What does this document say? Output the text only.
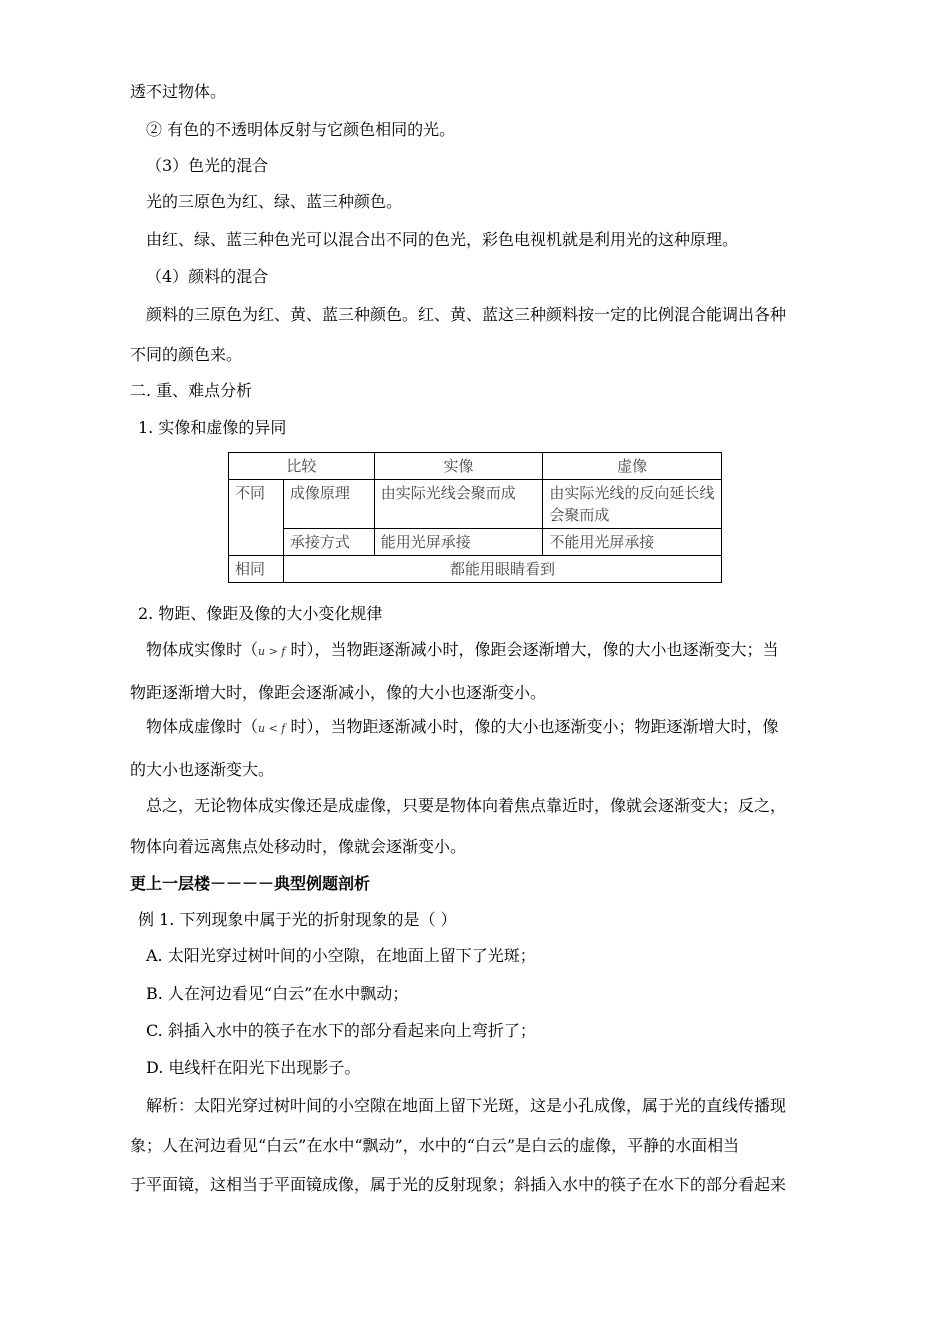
透不过物体。
② 有色的不透明体反射与它颜色相同的光。
（3）色光的混合
光的三原色为红、绿、蓝三种颜色。
由红、绿、蓝三种色光可以混合出不同的色光，彩色电视机就是利用光的这种原理。
（4）颜料的混合
颜料的三原色为红、黄、蓝三种颜色。红、黄、蓝这三种颜料按一定的比例混合能调出各种
不同的颜色来。
二. 重、难点分析
1. 实像和虚像的异同
比较		实像	虚像
不同	成像原理	由实际光线会聚而成	由实际光线的反向延长线会聚而成
	承接方式	能用光屏承接	不能用光屏承接
相同	都能用眼睛看到		
2. 物距、像距及像的大小变化规律
物体成实像时（u > f 时），当物距逐渐减小时，像距会逐渐增大，像的大小也逐渐变大；当
物距逐渐增大时，像距会逐渐减小，像的大小也逐渐变小。
物体成虚像时（u < f 时），当物距逐渐减小时，像的大小也逐渐变小；物距逐渐增大时，像
的大小也逐渐变大。
总之，无论物体成实像还是成虚像，只要是物体向着焦点靠近时，像就会逐渐变大；反之，
物体向着远离焦点处移动时，像就会逐渐变小。
更上一层楼－－－－典型例题剖析
例 1. 下列现象中属于光的折射现象的是（ ）
A. 太阳光穿过树叶间的小空隙，在地面上留下了光斑；
B. 人在河边看见“白云”在水中飘动；
C. 斜插入水中的筷子在水下的部分看起来向上弯折了；
D. 电线杆在阳光下出现影子。
解析：太阳光穿过树叶间的小空隙在地面上留下光斑，这是小孔成像，属于光的直线传播现
象；人在河边看见“白云”在水中“飘动”，水中的“白云”是白云的虚像，平静的水面相当
于平面镜，这相当于平面镜成像，属于光的反射现象；斜插入水中的筷子在水下的部分看起来
